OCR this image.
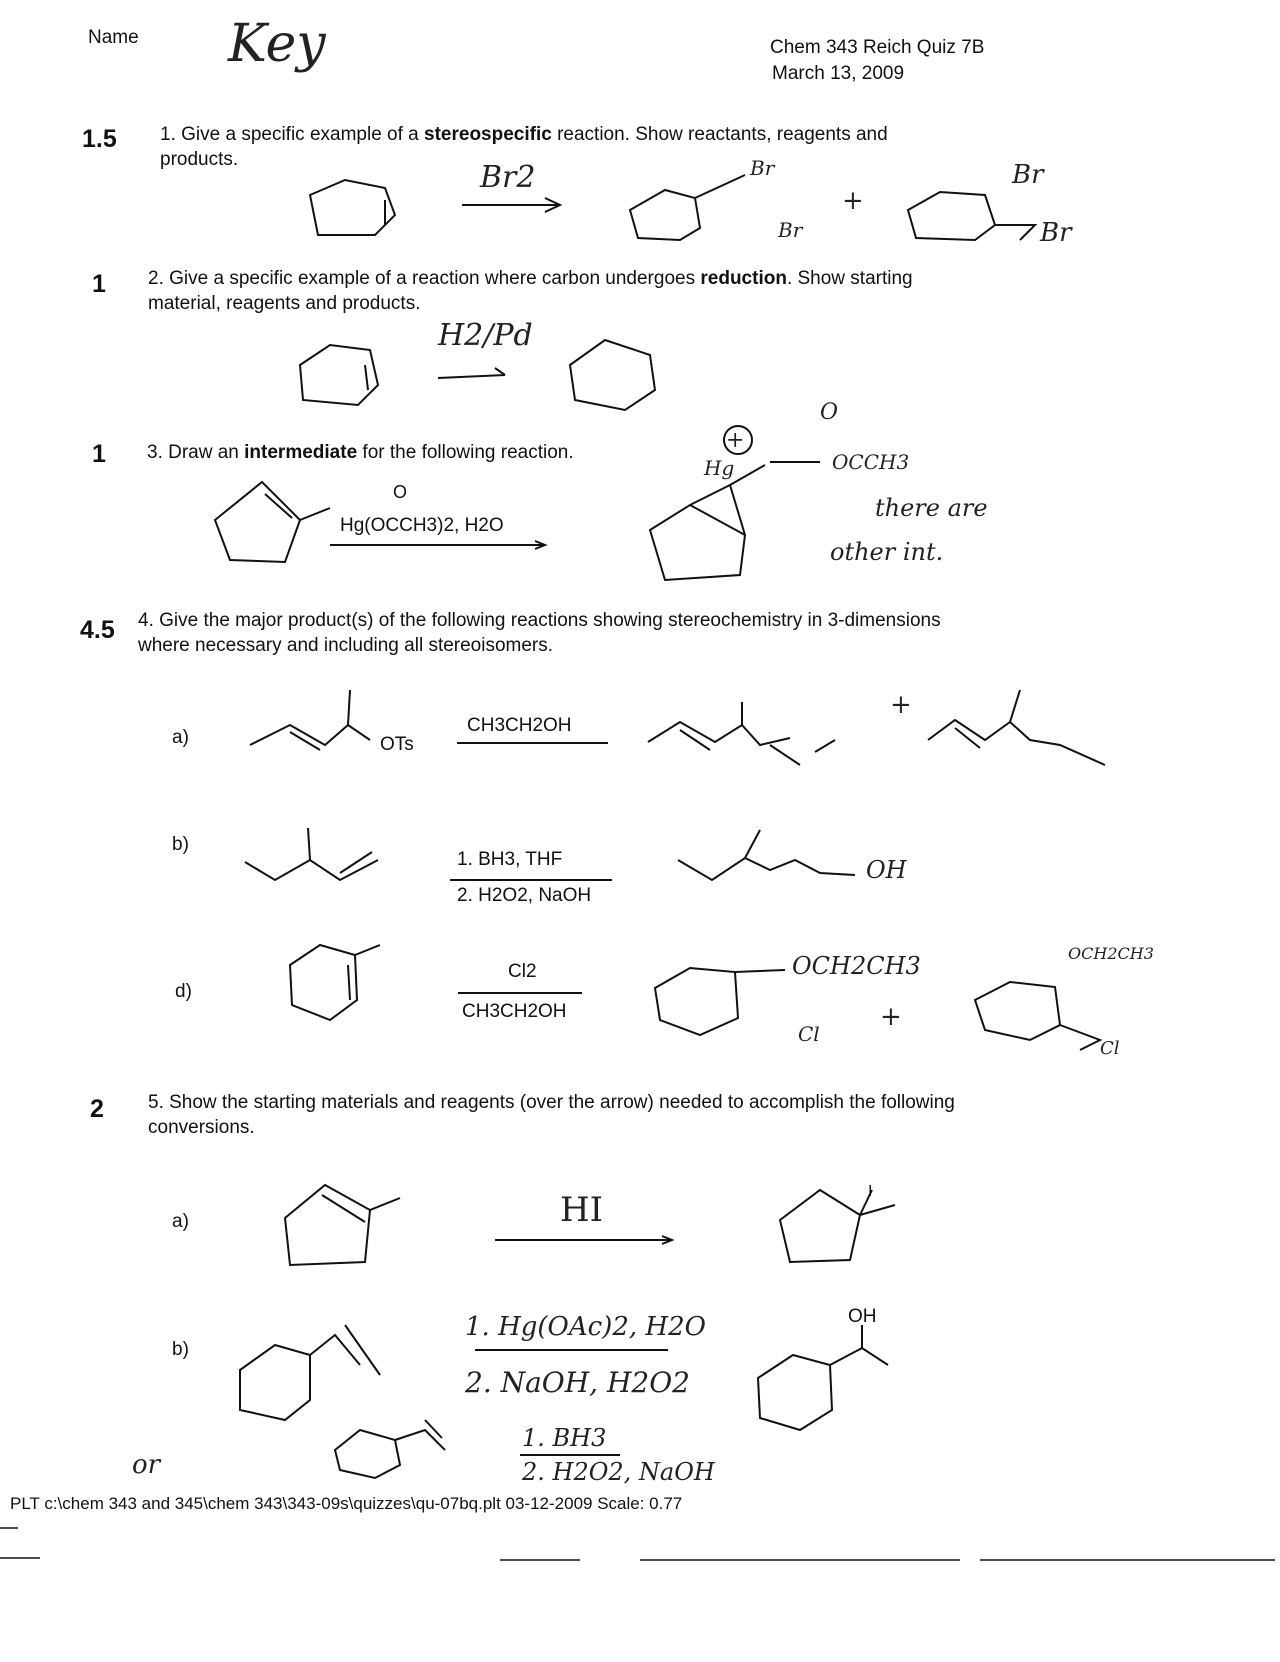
Name Key	Chem 343 Reich Quiz 7B
March 13, 2009
1.5 1. Give a specific example of a stereospecific reaction. Show reactants, reagents and
products.
Br2	Br
Br
+
Br
Br
1 2. Give a specific example of a reaction where carbon undergoes reduction. Show starting
material, reagents and products.
H2/Pd
1 3. Draw an intermediate for the following reaction.
O
Hg(OCCH3)2, H2O
+
Hg
O
OCCH3
there are
other int.
4.5 4. Give the major product(s) of the following reactions showing stereochemistry in 3-dimensions
where necessary and including all stereoisomers.
a)	OTs
CH3CH2OH
+
b)
1. BH3, THF
2. H2O2, NaOH
OH
d)
Cl2
CH3CH2OH
OCH2CH3
Cl
+
OCH2CH3
Cl
2 5. Show the starting materials and reagents (over the arrow) needed to accomplish the following
conversions.
a)	HI	I
b)
1. Hg(OAc)2, H2O
2. NaOH, H2O2
OH
or
1. BH3
2. H2O2, NaOH
PLT c:\chem 343 and 345\chem 343\343-09s\quizzes\qu-07bq.plt 03-12-2009 Scale: 0.77
